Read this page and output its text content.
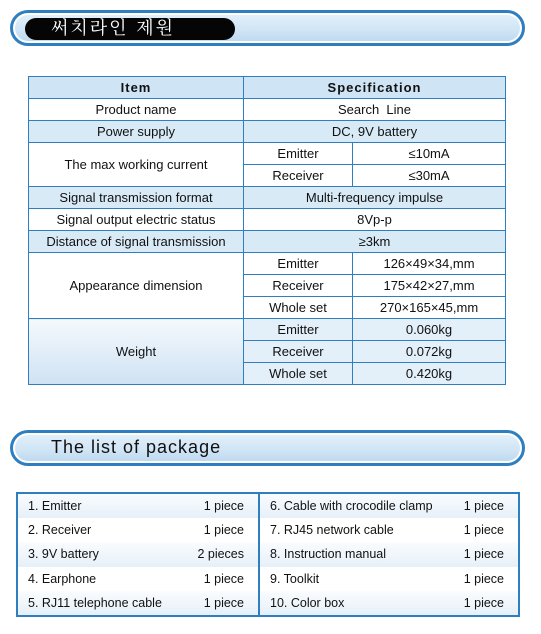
써치라인 제원
Item	Specification	
Product name	Search  Line	
Power supply	DC, 9V battery	
The max working current	Emitter	≤10mA
	Receiver	≤30mA
Signal transmission format	Multi-frequency impulse	
Signal output electric status	8Vp-p	
Distance of signal transmission	≥3km	
Appearance dimension	Emitter	126×49×34,mm
	Receiver	175×42×27,mm
	Whole set	270×165×45,mm
Weight	Emitter	0.060kg
	Receiver	0.072kg
	Whole set	0.420kg
The list of package
1. Emitter	1 piece
2. Receiver	1 piece
3. 9V battery	2 pieces
4. Earphone	1 piece
5. RJ11 telephone cable	1 piece
6. Cable with crocodile clamp 1 piece
7. RJ45 network cable	1 piece
8. Instruction manual	1 piece
9. Toolkit	1 piece
10. Color box	1 piece
